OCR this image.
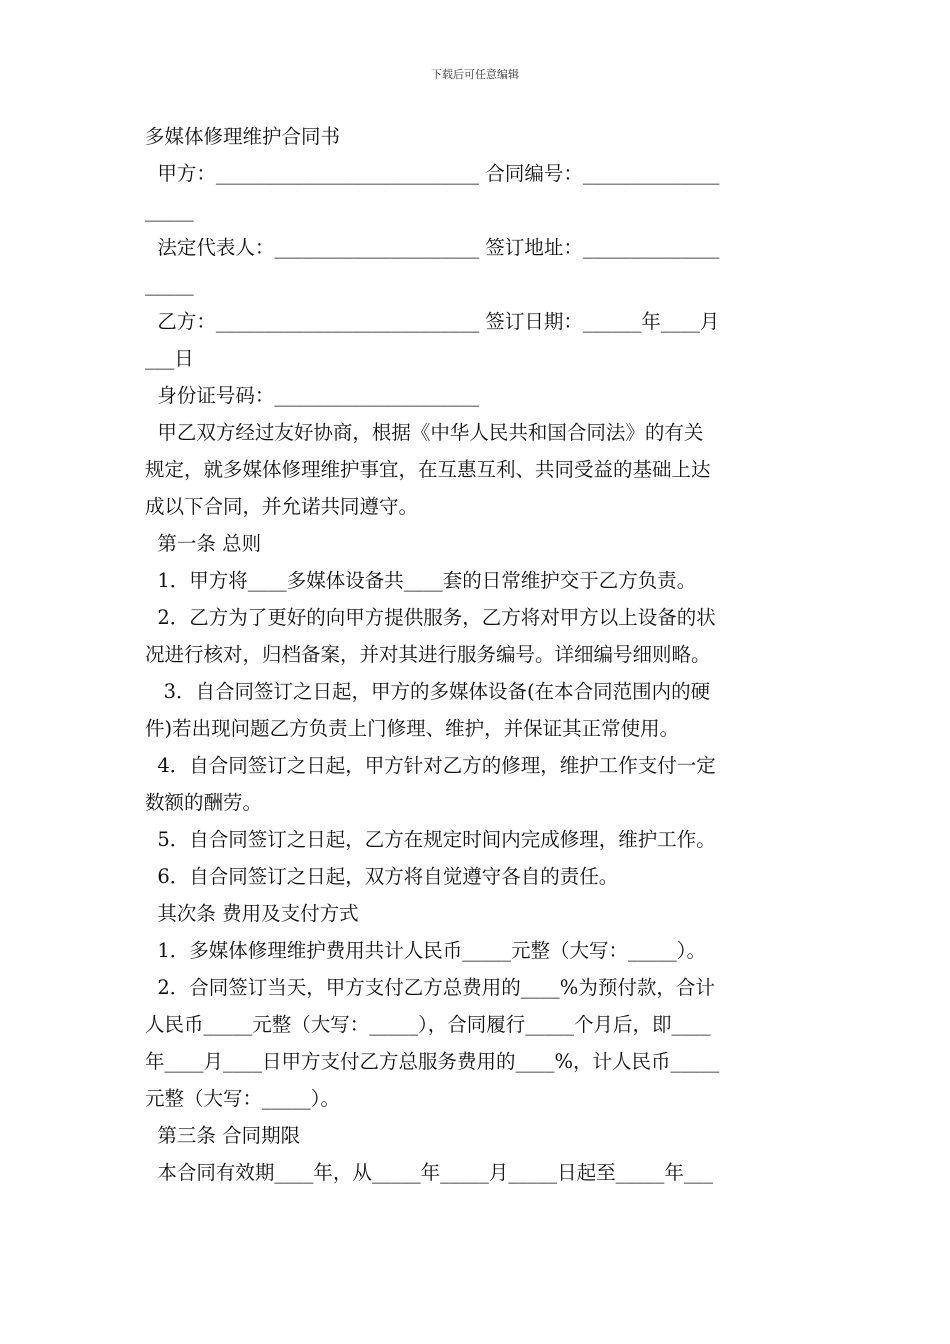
下载后可任意编辑
多媒体修理维护合同书
甲方：___________________________ 合同编号：______________
_____
法定代表人：_____________________ 签订地址：______________
_____
乙方：___________________________ 签订日期：______年____月
___日
身份证号码：_____________________
甲乙双方经过友好协商，根据《中华人民共和国合同法》的有关
规定，就多媒体修理维护事宜，在互惠互利、共同受益的基础上达
成以下合同，并允诺共同遵守。
第一条 总则
1．甲方将____多媒体设备共____套的日常维护交于乙方负责。
2．乙方为了更好的向甲方提供服务，乙方将对甲方以上设备的状
况进行核对，归档备案，并对其进行服务编号。详细编号细则略。
3．自合同签订之日起，甲方的多媒体设备(在本合同范围内的硬
件)若出现问题乙方负责上门修理、维护，并保证其正常使用。
4．自合同签订之日起，甲方针对乙方的修理，维护工作支付一定
数额的酬劳。
5．自合同签订之日起，乙方在规定时间内完成修理，维护工作。
6．自合同签订之日起，双方将自觉遵守各自的责任。
其次条 费用及支付方式
1．多媒体修理维护费用共计人民币_____元整（大写：_____）。
2．合同签订当天，甲方支付乙方总费用的____%为预付款，合计
人民币_____元整（大写：_____），合同履行_____个月后，即____
年____月____日甲方支付乙方总服务费用的____%，计人民币_____
元整（大写：_____）。
第三条 合同期限
本合同有效期____年，从_____年_____月_____日起至_____年___
